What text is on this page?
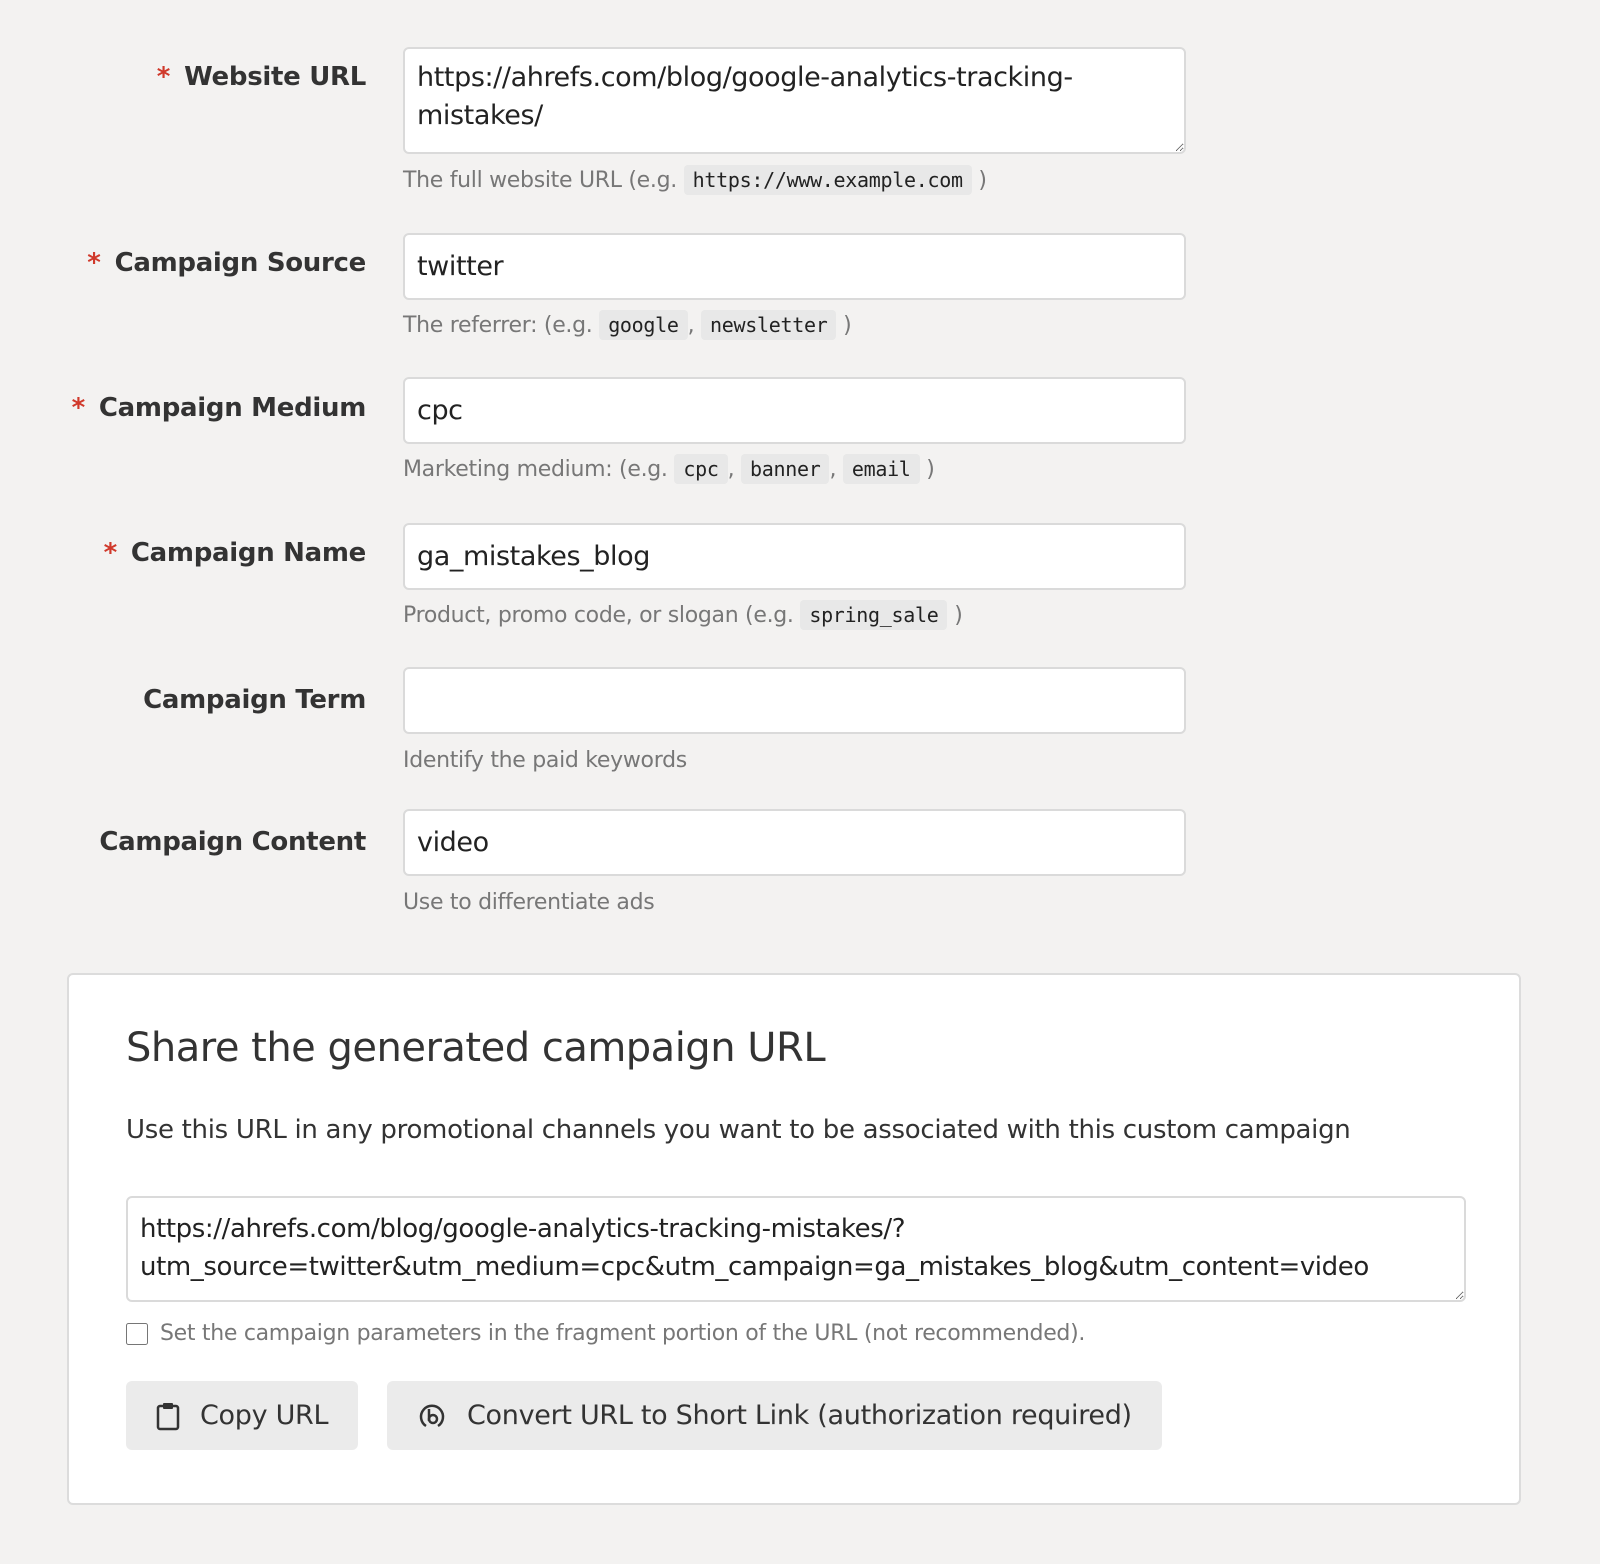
* Website URL
https://ahrefs.com/blog/google-analytics-tracking-mistakes/
The full website URL (e.g. https://www.example.com )
* Campaign Source
twitter
The referrer: (e.g. google , newsletter )
* Campaign Medium
cpc
Marketing medium: (e.g. cpc , banner , email )
* Campaign Name
ga_mistakes_blog
Product, promo code, or slogan (e.g. spring_sale )
Campaign Term
Identify the paid keywords
Campaign Content
video
Use to differentiate ads
Share the generated campaign URL
Use this URL in any promotional channels you want to be associated with this custom campaign
https://ahrefs.com/blog/google-analytics-tracking-mistakes/?utm_source=twitter&utm_medium=cpc&utm_campaign=ga_mistakes_blog&utm_content=video
Set the campaign parameters in the fragment portion of the URL (not recommended).
Copy URL	Convert URL to Short Link (authorization required)
